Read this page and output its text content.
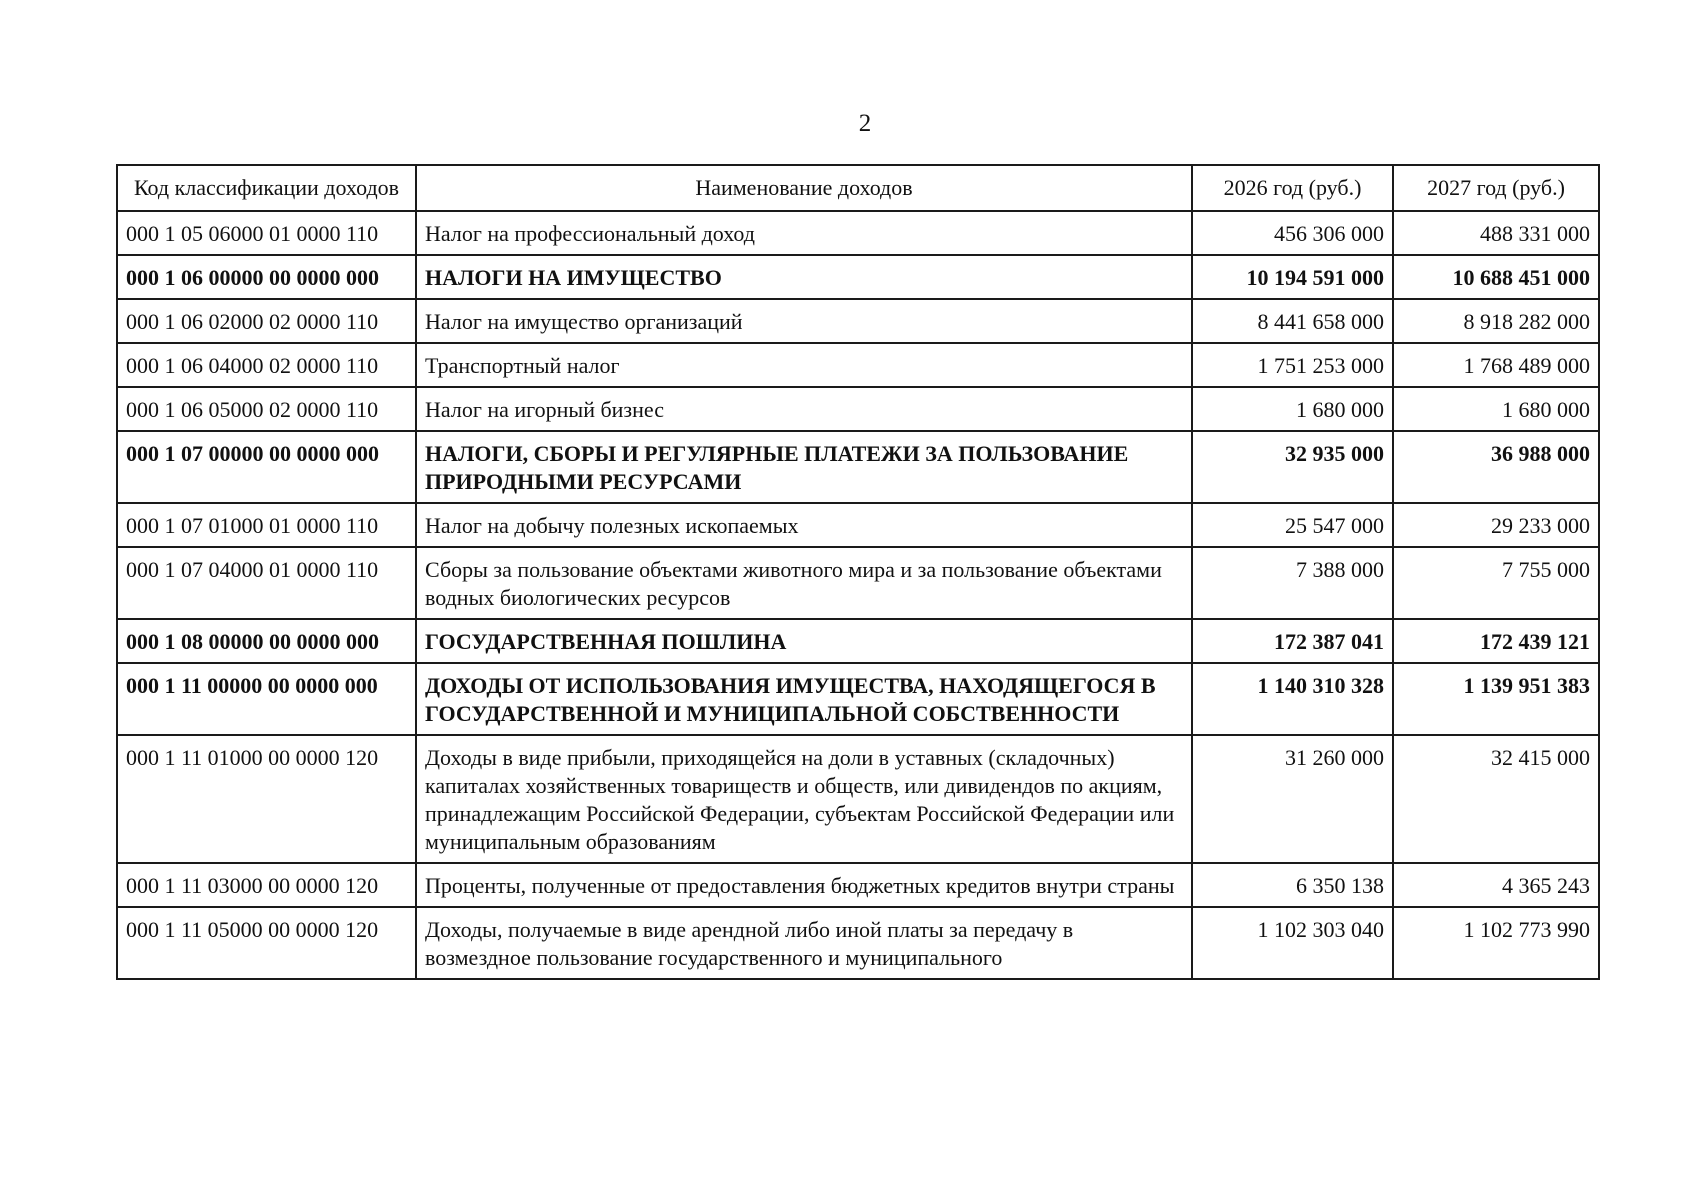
2
Код классификации доходов	Наименование доходов	2026 год (руб.)	2027 год (руб.)
000 1 05 06000 01 0000 110	Налог на профессиональный доход	456 306 000	488 331 000
000 1 06 00000 00 0000 000	НАЛОГИ НА ИМУЩЕСТВО	10 194 591 000	10 688 451 000
000 1 06 02000 02 0000 110	Налог на имущество организаций	8 441 658 000	8 918 282 000
000 1 06 04000 02 0000 110	Транспортный налог	1 751 253 000	1 768 489 000
000 1 06 05000 02 0000 110	Налог на игорный бизнес	1 680 000	1 680 000
000 1 07 00000 00 0000 000	НАЛОГИ, СБОРЫ И РЕГУЛЯРНЫЕ ПЛАТЕЖИ ЗА ПОЛЬЗОВАНИЕ ПРИРОДНЫМИ РЕСУРСАМИ	32 935 000	36 988 000
000 1 07 01000 01 0000 110	Налог на добычу полезных ископаемых	25 547 000	29 233 000
000 1 07 04000 01 0000 110	Сборы за пользование объектами животного мира и за пользование объектами водных биологических ресурсов	7 388 000	7 755 000
000 1 08 00000 00 0000 000	ГОСУДАРСТВЕННАЯ ПОШЛИНА	172 387 041	172 439 121
000 1 11 00000 00 0000 000	ДОХОДЫ ОТ ИСПОЛЬЗОВАНИЯ ИМУЩЕСТВА, НАХОДЯЩЕГОСЯ В ГОСУДАРСТВЕННОЙ И МУНИЦИПАЛЬНОЙ СОБСТВЕННОСТИ	1 140 310 328	1 139 951 383
000 1 11 01000 00 0000 120	Доходы в виде прибыли, приходящейся на доли в уставных (складочных) капиталах хозяйственных товариществ и обществ, или дивидендов по акциям, принадлежащим Российской Федерации, субъектам Российской Федерации или муниципальным образованиям	31 260 000	32 415 000
000 1 11 03000 00 0000 120	Проценты, полученные от предоставления бюджетных кредитов внутри страны	6 350 138	4 365 243
000 1 11 05000 00 0000 120	Доходы, получаемые в виде арендной либо иной платы за передачу в возмездное пользование государственного и муниципального	1 102 303 040	1 102 773 990
